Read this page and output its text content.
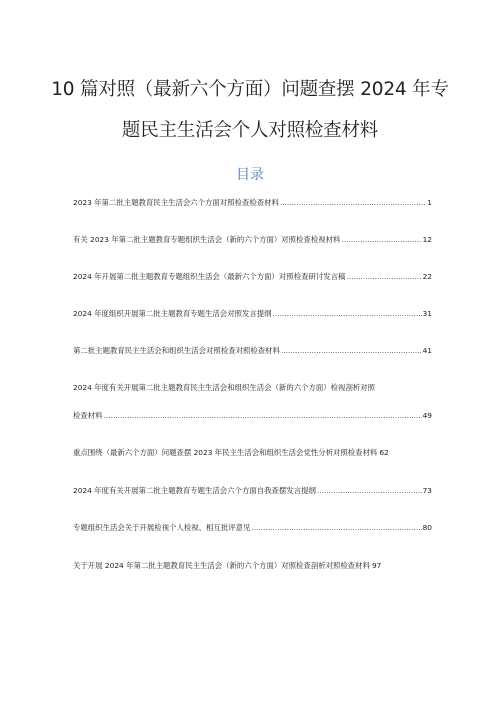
10 篇对照（最新六个方面）问题查摆 2024 年专
题民主生活会个人对照检查材料
目录
2023 年第二批主题教育民主生活会六个方面对照检查检查材料 .....	1
有关 2023 年第二批主题教育专题组织生活会（新的六个方面）对照检查检视材料 .....	12
2024 年开展第二批主题教育专题组织生活会（最新六个方面）对照检查研讨发言稿 .....	22
2024 年度组织开展第二批主题教育专题生活会对照发言提纲 .....	31
第二批主题教育民主生活会和组织生活会对照检查对照检查材料 .....	41
2024 年度有关开展第二批主题教育民主生活会和组织生活会（新的六个方面）检视剖析对照
检查材料 .....	49
重点围绕（最新六个方面）问题查摆 2023 年民主生活会和组织生活会党性分析对照检查材料 62
2024 年度有关开展第二批主题教育专题生活会六个方面自我查摆发言提纲 .....	73
专题组织生活会关于开展检视个人检视、相互批评意见 .....	80
关于开展 2024 年第二批主题教育民主生活会（新的六个方面）对照检查剖析对照检查材料 97
